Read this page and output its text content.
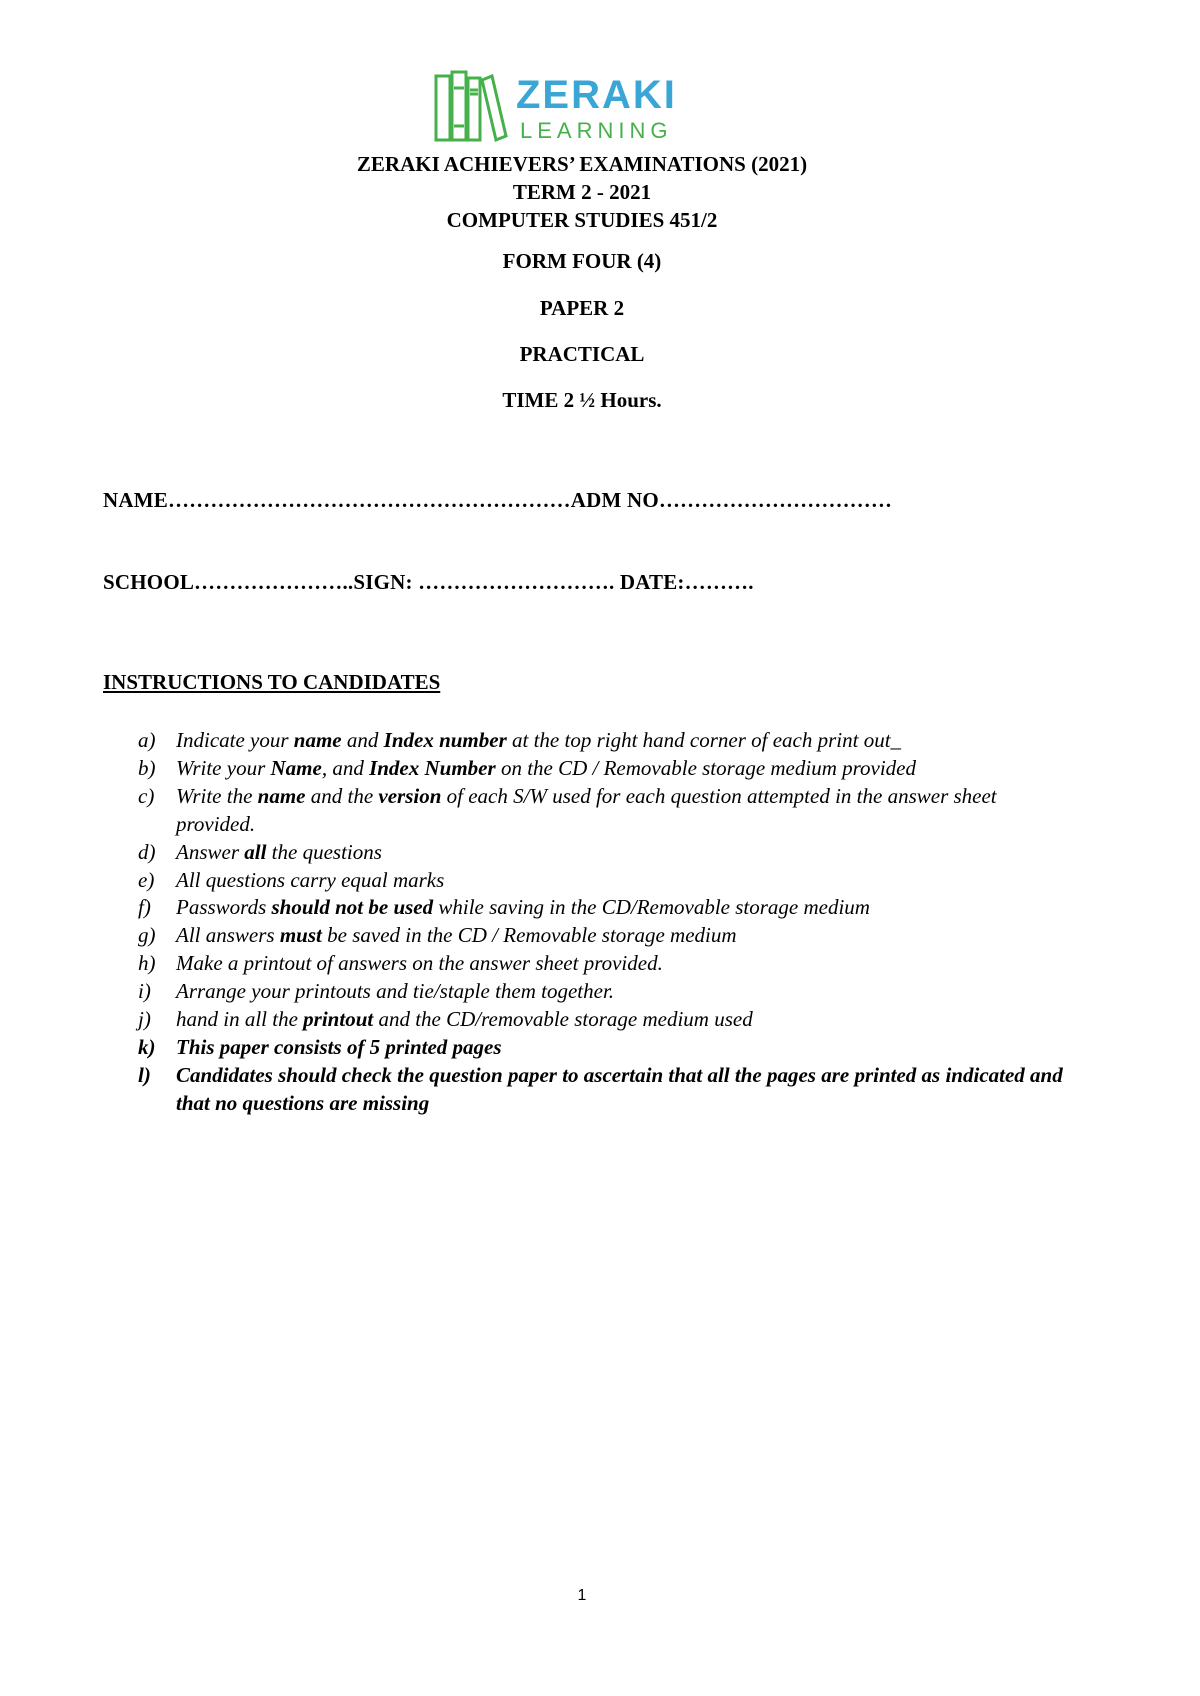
ZERAKI
LEARNING
ZERAKI ACHIEVERS’ EXAMINATIONS (2021)
TERM 2 - 2021
COMPUTER STUDIES 451/2
FORM FOUR (4)
PAPER 2
PRACTICAL
TIME 2 ½ Hours.
NAME…………………………………………………ADM NO……………………………
SCHOOL…………………..SIGN: ………………………. DATE:……….
INSTRUCTIONS TO CANDIDATES
a) Indicate your name and Index number at the top right hand corner of each print out_
b) Write your Name, and Index Number on the CD / Removable storage medium provided
c) Write the name and the version of each S/W used for each question attempted in the answer sheet provided.
d) Answer all the questions
e) All questions carry equal marks
f) Passwords should not be used while saving in the CD/Removable storage medium
g) All answers must be saved in the CD / Removable storage medium
h) Make a printout of answers on the answer sheet provided.
i) Arrange your printouts and tie/staple them together.
j) hand in all the printout and the CD/removable storage medium used
k) This paper consists of 5 printed pages
l) Candidates should check the question paper to ascertain that all the pages are printed as indicated and that no questions are missing
1
